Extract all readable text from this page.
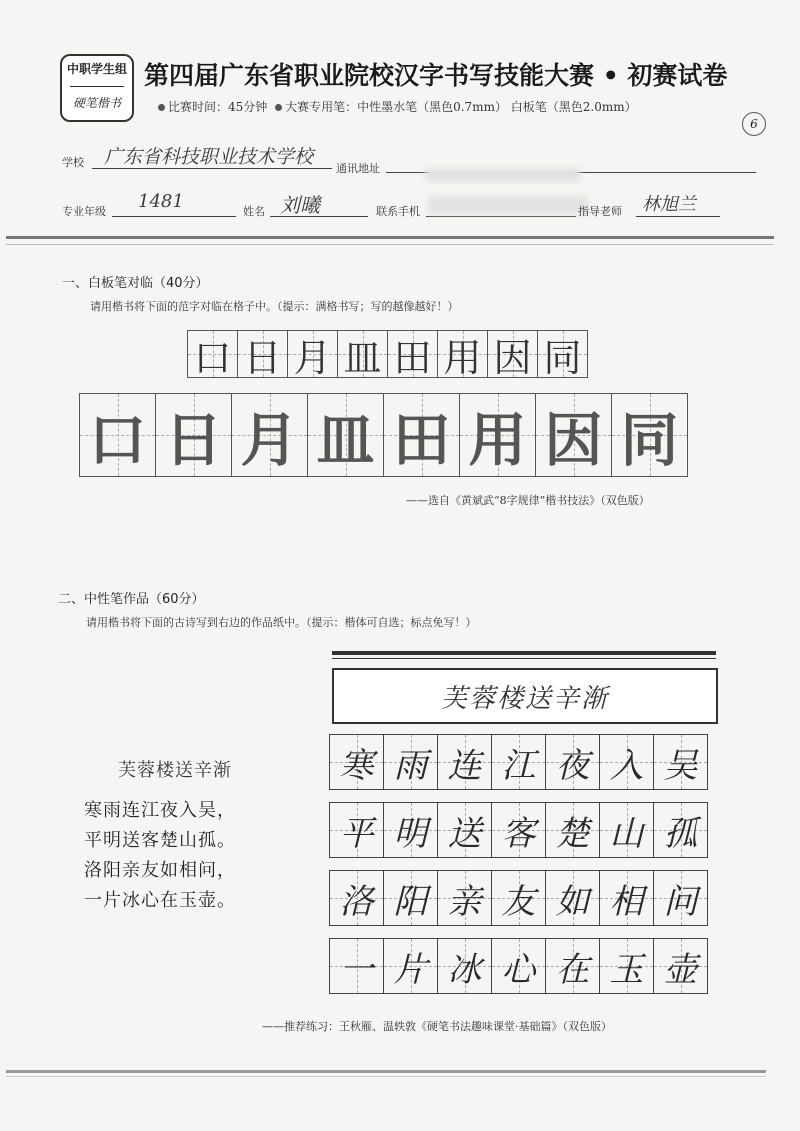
中职学生组
硬笔楷书
第四届广东省职业院校汉字书写技能大赛 • 初赛试卷
比赛时间：45分钟 大赛专用笔：中性墨水笔（黑色0.7mm） 白板笔（黑色2.0mm）
6
学校	广东省科技职业技术学校
通讯地址
专业年级	1481	姓名 刘曦	联系手机	指导老师	林旭兰
一、白板笔对临（40分）
请用楷书将下面的范字对临在格子中。（提示：满格书写；写的越像越好！）
口 日 月 皿 田 用 因 同
口 日 月 皿 田 用 因 同
——选自《黄斌武“8字规律”楷书技法》（双色版）
二、中性笔作品（60分）
请用楷书将下面的古诗写到右边的作品纸中。（提示：楷体可自选；标点免写！）
芙蓉楼送辛渐
寒雨连江夜入吴，
平明送客楚山孤。
洛阳亲友如相问，
一片冰心在玉壶。
芙蓉楼送辛渐
寒 雨 连 江 夜 入 吴
平 明 送 客 楚 山 孤
洛 阳 亲 友 如 相 问
一 片 冰 心 在 玉 壶
——推荐练习：王秋雁、温轶敦《硬笔书法趣味课堂·基础篇》（双色版）
